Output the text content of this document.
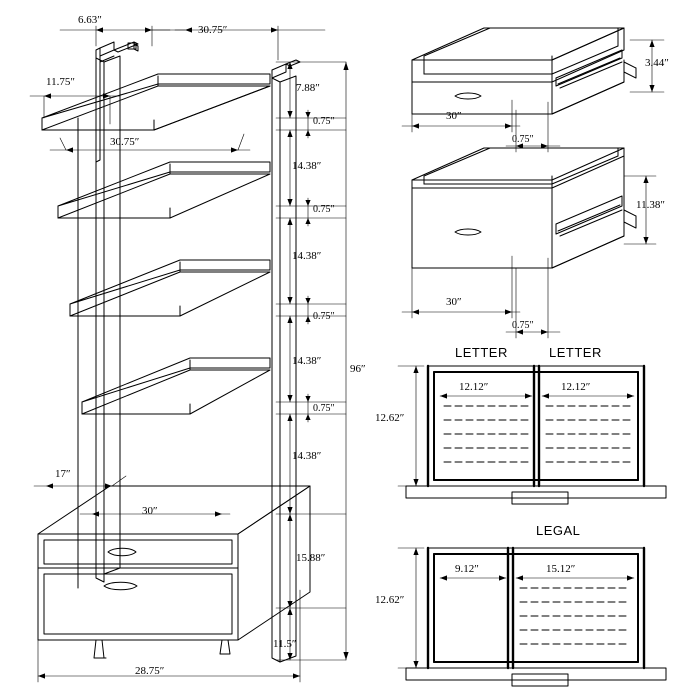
6.63″
30.75″
11.75″	7.88″
0.75″
30.75″
14.38″
0.75″
14.38″
0.75″
14.38″
96″
0.75″
14.38″
17″
30″
15.88″
11.5″
28.75″
3.44″
30″
0.75″
11.38″
30″
0.75″
LETTER	LETTER
12.12″	12.12″
12.62″
LEGAL
9.12″	15.12″
12.62″
